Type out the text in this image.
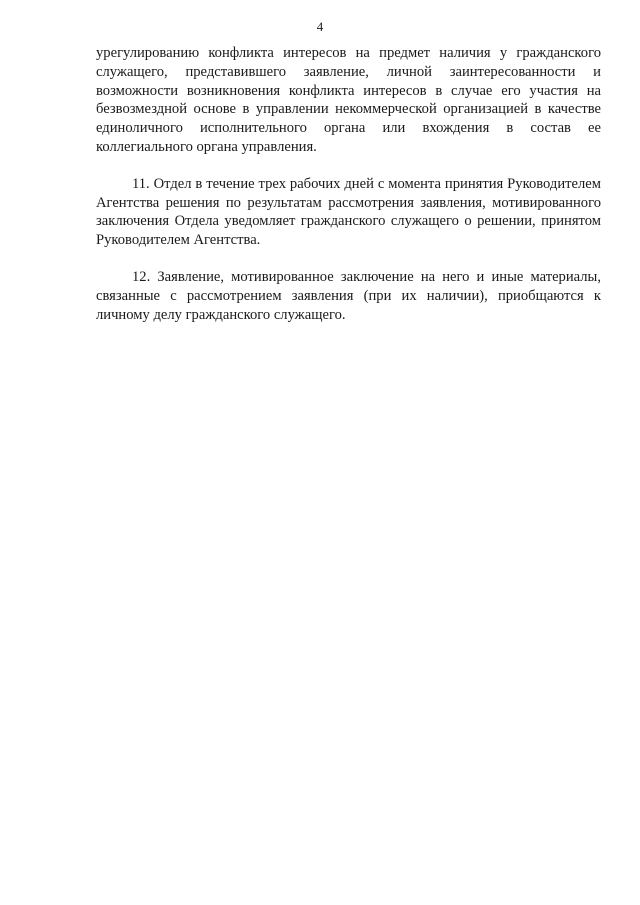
4

урегулированию конфликта интересов на предмет наличия у гражданского служащего, представившего заявление, личной заинтересованности и возможности возникновения конфликта интересов в случае его участия на безвозмездной основе в управлении некоммерческой организацией в качестве единоличного исполнительного органа или вхождения в состав ее коллегиального органа управления.

11. Отдел в течение трех рабочих дней с момента принятия Руководителем Агентства решения по результатам рассмотрения заявления, мотивированного заключения Отдела уведомляет гражданского служащего о решении, принятом Руководителем Агентства.

12. Заявление, мотивированное заключение на него и иные материалы, связанные с рассмотрением заявления (при их наличии), приобщаются к личному делу гражданского служащего.
